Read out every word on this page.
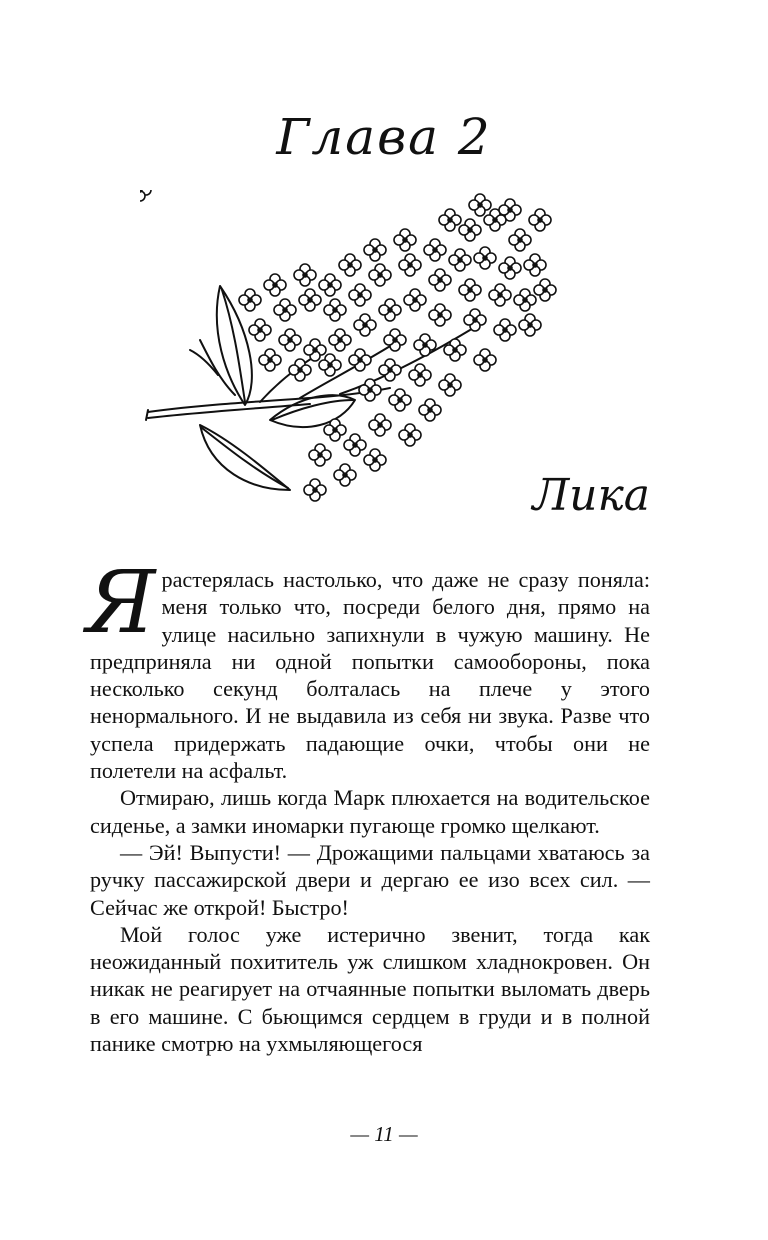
Глава 2
Лика

Я растерялась настолько, что даже не сразу поняла: меня только что, посреди белого дня, прямо на улице насильно запихнули в чужую машину. Не предприняла ни одной попытки самообороны, пока несколько секунд болталась на плече у этого ненормального. И не выдавила из себя ни звука. Разве что успела придержать падающие очки, чтобы они не полетели на асфальт.

Отмираю, лишь когда Марк плюхается на водительское сиденье, а замки иномарки пугающе громко щелкают.

— Эй! Выпусти! — Дрожащими пальцами хватаюсь за ручку пассажирской двери и дергаю ее изо всех сил. — Сейчас же открой! Быстро!

Мой голос уже истерично звенит, тогда как неожиданный похититель уж слишком хладнокровен. Он никак не реагирует на отчаянные попытки выломать дверь в его машине. С бьющимся сердцем в груди и в полной панике смотрю на ухмыляющегося

— 11 —
